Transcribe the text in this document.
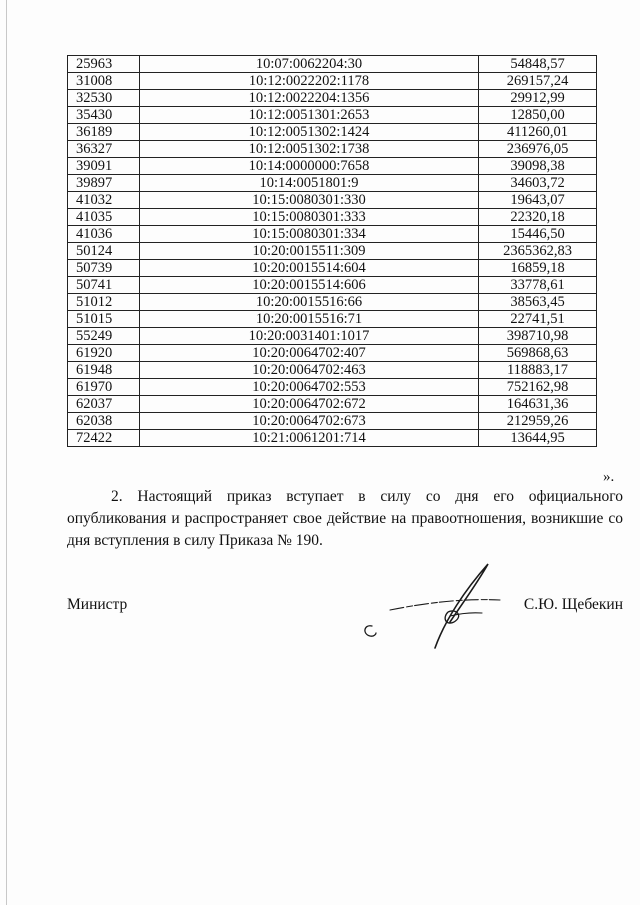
25963	10:07:0062204:30	54848,57
31008	10:12:0022202:1178	269157,24
32530	10:12:0022204:1356	29912,99
35430	10:12:0051301:2653	12850,00
36189	10:12:0051302:1424	411260,01
36327	10:12:0051302:1738	236976,05
39091	10:14:0000000:7658	39098,38
39897	10:14:0051801:9	34603,72
41032	10:15:0080301:330	19643,07
41035	10:15:0080301:333	22320,18
41036	10:15:0080301:334	15446,50
50124	10:20:0015511:309	2365362,83
50739	10:20:0015514:604	16859,18
50741	10:20:0015514:606	33778,61
51012	10:20:0015516:66	38563,45
51015	10:20:0015516:71	22741,51
55249	10:20:0031401:1017	398710,98
61920	10:20:0064702:407	569868,63
61948	10:20:0064702:463	118883,17
61970	10:20:0064702:553	752162,98
62037	10:20:0064702:672	164631,36
62038	10:20:0064702:673	212959,26
72422	10:21:0061201:714	13644,95
».
2. Настоящий приказ вступает в силу со дня его официального
опубликования и распространяет свое действие на правоотношения, возникшие со дня вступления в силу Приказа № 190.
Министр	С.Ю. Щебекин
